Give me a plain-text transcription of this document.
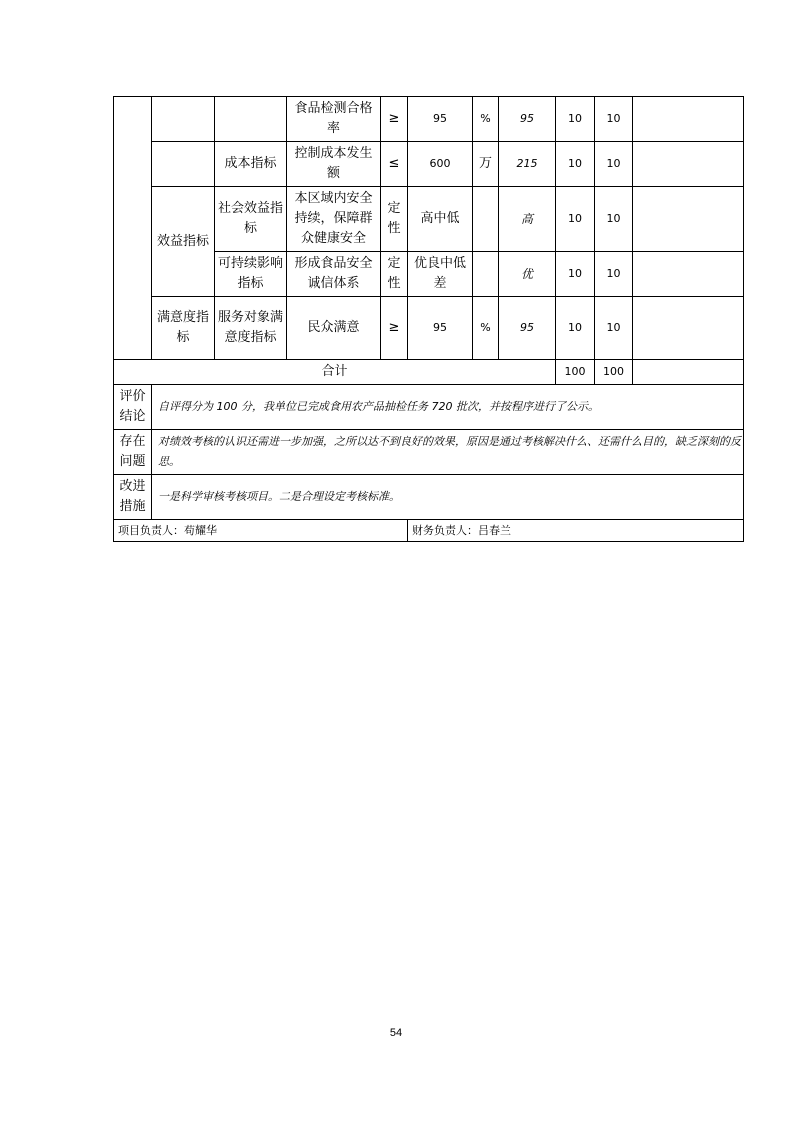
			食品检测合格率	≥	95	%	95	10	10	
		成本指标	控制成本发生额	≤	600	万	215	10	10	
	效益指标	社会效益指标	本区域内安全持续，保障群众健康安全	定性	高中低		高	10	10	
		可持续影响指标	形成食品安全诚信体系	定性	优良中低差		优	10	10	
	满意度指标	服务对象满意度指标	民众满意	≥	95	%	95	10	10	
合计								100	100	
评价结论	自评得分为 100 分，我单位已完成食用农产品抽检任务 720 批次，并按程序进行了公示。									
存在问题	对绩效考核的认识还需进一步加强，之所以达不到良好的效果，原因是通过考核解决什么、还需什么目的，缺乏深刻的反思。									
改进措施	一是科学审核考核项目。二是合理设定考核标准。									
项目负责人：苟耀华					财务负责人：吕春兰					
54
